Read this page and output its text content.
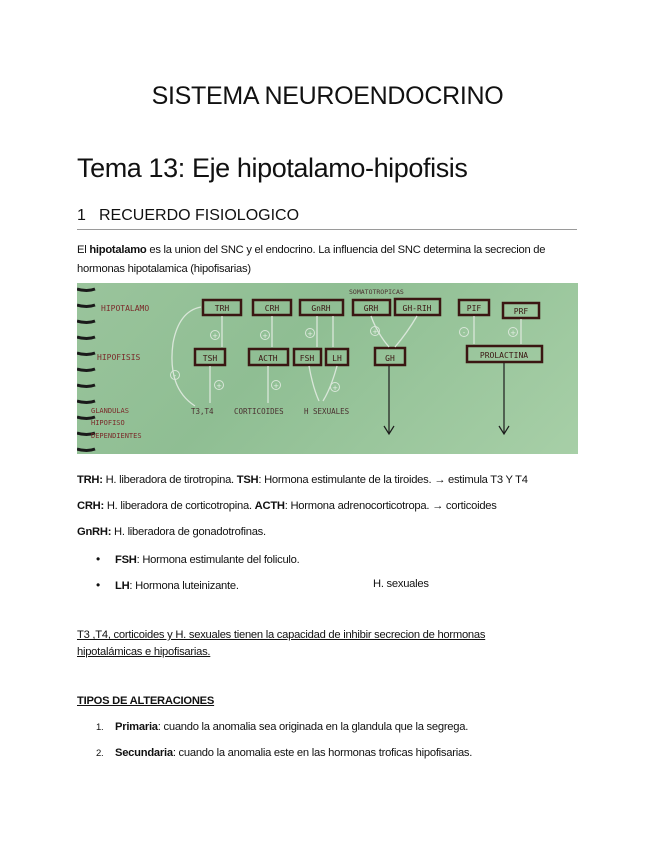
SISTEMA NEUROENDOCRINO
Tema 13: Eje hipotalamo-hipofisis
1 RECUERDO FISIOLOGICO
El hipotalamo es la union del SNC y el endocrino. La influencia del SNC determina la secrecion de hormonas hipotalamica (hipofisarias)
HIPOTALAMO
HIPOFISIS
GLANDULAS
HIPOFISO
DEPENDIENTES
SOMATOTROPICAS
TRH	CRH	GnRH	GRH	GH-RIH	PIF	PRF
TSH	ACTH	FSH LH	GH	PROLACTINA
+	+	+	+	-	+
+	+	+
-
T3,T4	CORTICOIDES	H SEXUALES
TRH: H. liberadora de tirotropina. TSH: Hormona estimulante de la tiroides. → estimula T3 Y T4
CRH: H. liberadora de corticotropina. ACTH: Hormona adrenocorticotropa. → corticoides
GnRH: H. liberadora de gonadotrofinas.
• FSH: Hormona estimulante del foliculo.
• LH: Hormona luteinizante.	H. sexuales
T3 ,T4, corticoides y H. sexuales tienen la capacidad de inhibir secrecion de hormonas hipotalámicas e hipofisarias.
TIPOS DE ALTERACIONES
1. Primaria: cuando la anomalia sea originada en la glandula que la segrega.
2. Secundaria: cuando la anomalia este en las hormonas troficas hipofisarias.
